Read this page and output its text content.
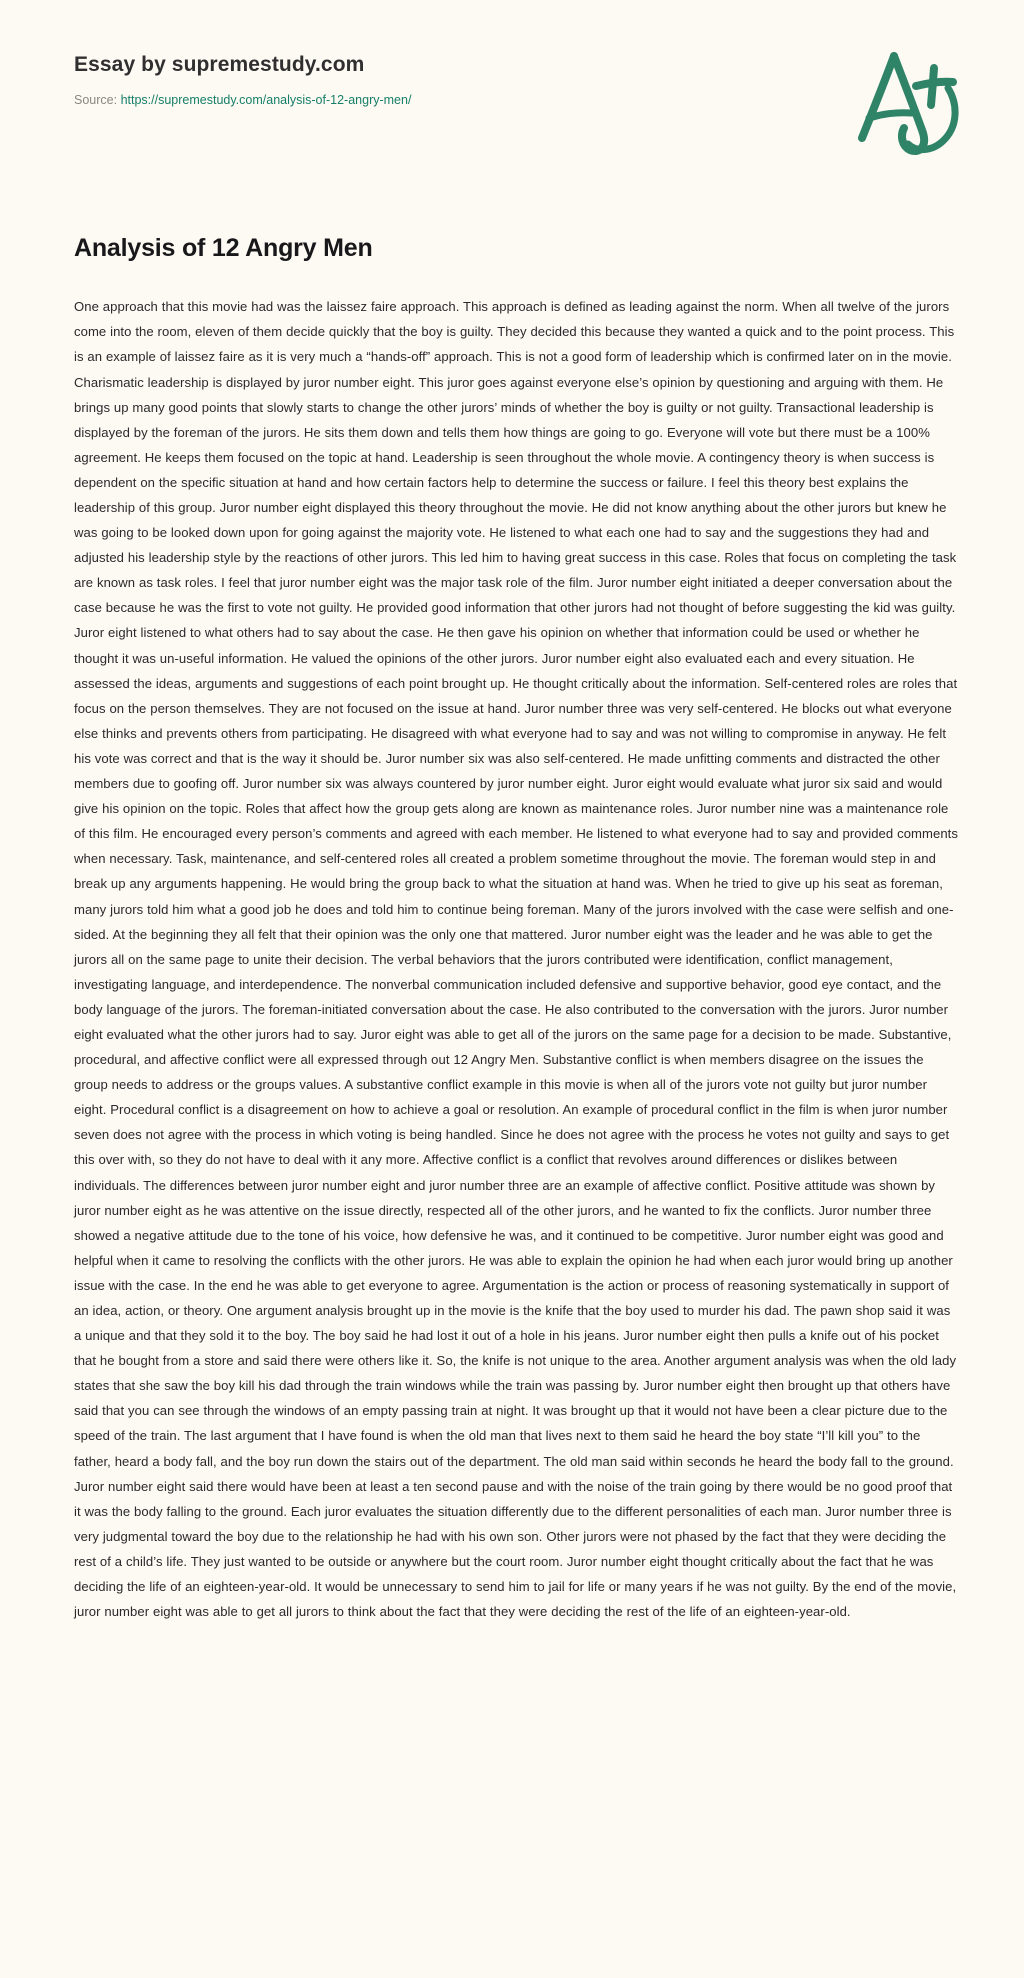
Essay by supremestudy.com
Source: https://supremestudy.com/analysis-of-12-angry-men/
Analysis of 12 Angry Men

One approach that this movie had was the laissez faire approach. This approach is defined as leading against the norm. When all twelve of the jurors come into the room, eleven of them decide quickly that the boy is guilty. They decided this because they wanted a quick and to the point process. This is an example of laissez faire as it is very much a “hands-off” approach. This is not a good form of leadership which is confirmed later on in the movie. Charismatic leadership is displayed by juror number eight. This juror goes against everyone else’s opinion by questioning and arguing with them. He brings up many good points that slowly starts to change the other jurors’ minds of whether the boy is guilty or not guilty. Transactional leadership is displayed by the foreman of the jurors. He sits them down and tells them how things are going to go. Everyone will vote but there must be a 100% agreement. He keeps them focused on the topic at hand. Leadership is seen throughout the whole movie. A contingency theory is when success is dependent on the specific situation at hand and how certain factors help to determine the success or failure. I feel this theory best explains the leadership of this group. Juror number eight displayed this theory throughout the movie. He did not know anything about the other jurors but knew he was going to be looked down upon for going against the majority vote. He listened to what each one had to say and the suggestions they had and adjusted his leadership style by the reactions of other jurors. This led him to having great success in this case. Roles that focus on completing the task are known as task roles. I feel that juror number eight was the major task role of the film. Juror number eight initiated a deeper conversation about the case because he was the first to vote not guilty. He provided good information that other jurors had not thought of before suggesting the kid was guilty. Juror eight listened to what others had to say about the case. He then gave his opinion on whether that information could be used or whether he thought it was un-useful information. He valued the opinions of the other jurors. Juror number eight also evaluated each and every situation. He assessed the ideas, arguments and suggestions of each point brought up. He thought critically about the information. Self-centered roles are roles that focus on the person themselves. They are not focused on the issue at hand. Juror number three was very self-centered. He blocks out what everyone else thinks and prevents others from participating. He disagreed with what everyone had to say and was not willing to compromise in anyway. He felt his vote was correct and that is the way it should be. Juror number six was also self-centered. He made unfitting comments and distracted the other members due to goofing off. Juror number six was always countered by juror number eight. Juror eight would evaluate what juror six said and would give his opinion on the topic. Roles that affect how the group gets along are known as maintenance roles. Juror number nine was a maintenance role of this film. He encouraged every person’s comments and agreed with each member. He listened to what everyone had to say and provided comments when necessary. Task, maintenance, and self-centered roles all created a problem sometime throughout the movie. The foreman would step in and break up any arguments happening. He would bring the group back to what the situation at hand was. When he tried to give up his seat as foreman, many jurors told him what a good job he does and told him to continue being foreman. Many of the jurors involved with the case were selfish and one-sided. At the beginning they all felt that their opinion was the only one that mattered. Juror number eight was the leader and he was able to get the jurors all on the same page to unite their decision. The verbal behaviors that the jurors contributed were identification, conflict management, investigating language, and interdependence. The nonverbal communication included defensive and supportive behavior, good eye contact, and the body language of the jurors. The foreman-initiated conversation about the case. He also contributed to the conversation with the jurors. Juror number eight evaluated what the other jurors had to say. Juror eight was able to get all of the jurors on the same page for a decision to be made. Substantive, procedural, and affective conflict were all expressed through out 12 Angry Men. Substantive conflict is when members disagree on the issues the group needs to address or the groups values. A substantive conflict example in this movie is when all of the jurors vote not guilty but juror number eight. Procedural conflict is a disagreement on how to achieve a goal or resolution. An example of procedural conflict in the film is when juror number seven does not agree with the process in which voting is being handled. Since he does not agree with the process he votes not guilty and says to get this over with, so they do not have to deal with it any more. Affective conflict is a conflict that revolves around differences or dislikes between individuals. The differences between juror number eight and juror number three are an example of affective conflict. Positive attitude was shown by juror number eight as he was attentive on the issue directly, respected all of the other jurors, and he wanted to fix the conflicts. Juror number three showed a negative attitude due to the tone of his voice, how defensive he was, and it continued to be competitive. Juror number eight was good and helpful when it came to resolving the conflicts with the other jurors. He was able to explain the opinion he had when each juror would bring up another issue with the case. In the end he was able to get everyone to agree. Argumentation is the action or process of reasoning systematically in support of an idea, action, or theory. One argument analysis brought up in the movie is the knife that the boy used to murder his dad. The pawn shop said it was a unique and that they sold it to the boy. The boy said he had lost it out of a hole in his jeans. Juror number eight then pulls a knife out of his pocket that he bought from a store and said there were others like it. So, the knife is not unique to the area. Another argument analysis was when the old lady states that she saw the boy kill his dad through the train windows while the train was passing by. Juror number eight then brought up that others have said that you can see through the windows of an empty passing train at night. It was brought up that it would not have been a clear picture due to the speed of the train. The last argument that I have found is when the old man that lives next to them said he heard the boy state “I’ll kill you” to the father, heard a body fall, and the boy run down the stairs out of the department. The old man said within seconds he heard the body fall to the ground. Juror number eight said there would have been at least a ten second pause and with the noise of the train going by there would be no good proof that it was the body falling to the ground. Each juror evaluates the situation differently due to the different personalities of each man. Juror number three is very judgmental toward the boy due to the relationship he had with his own son. Other jurors were not phased by the fact that they were deciding the rest of a child’s life. They just wanted to be outside or anywhere but the court room. Juror number eight thought critically about the fact that he was deciding the life of an eighteen-year-old. It would be unnecessary to send him to jail for life or many years if he was not guilty. By the end of the movie, juror number eight was able to get all jurors to think about the fact that they were deciding the rest of the life of an eighteen-year-old.
